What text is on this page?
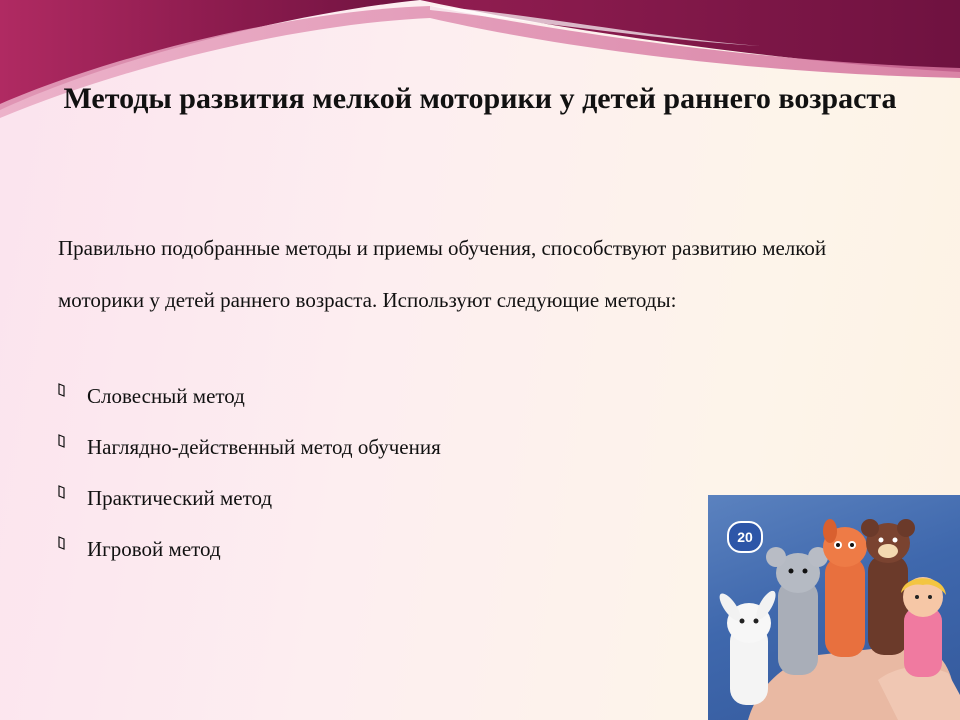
Методы развития мелкой моторики у детей раннего возраста
Правильно подобранные методы и приемы обучения, способствуют развитию мелкой моторики у детей раннего возраста. Используют следующие методы:
Словесный метод
Наглядно-действенный метод обучения
Практический метод
Игровой метод	20
